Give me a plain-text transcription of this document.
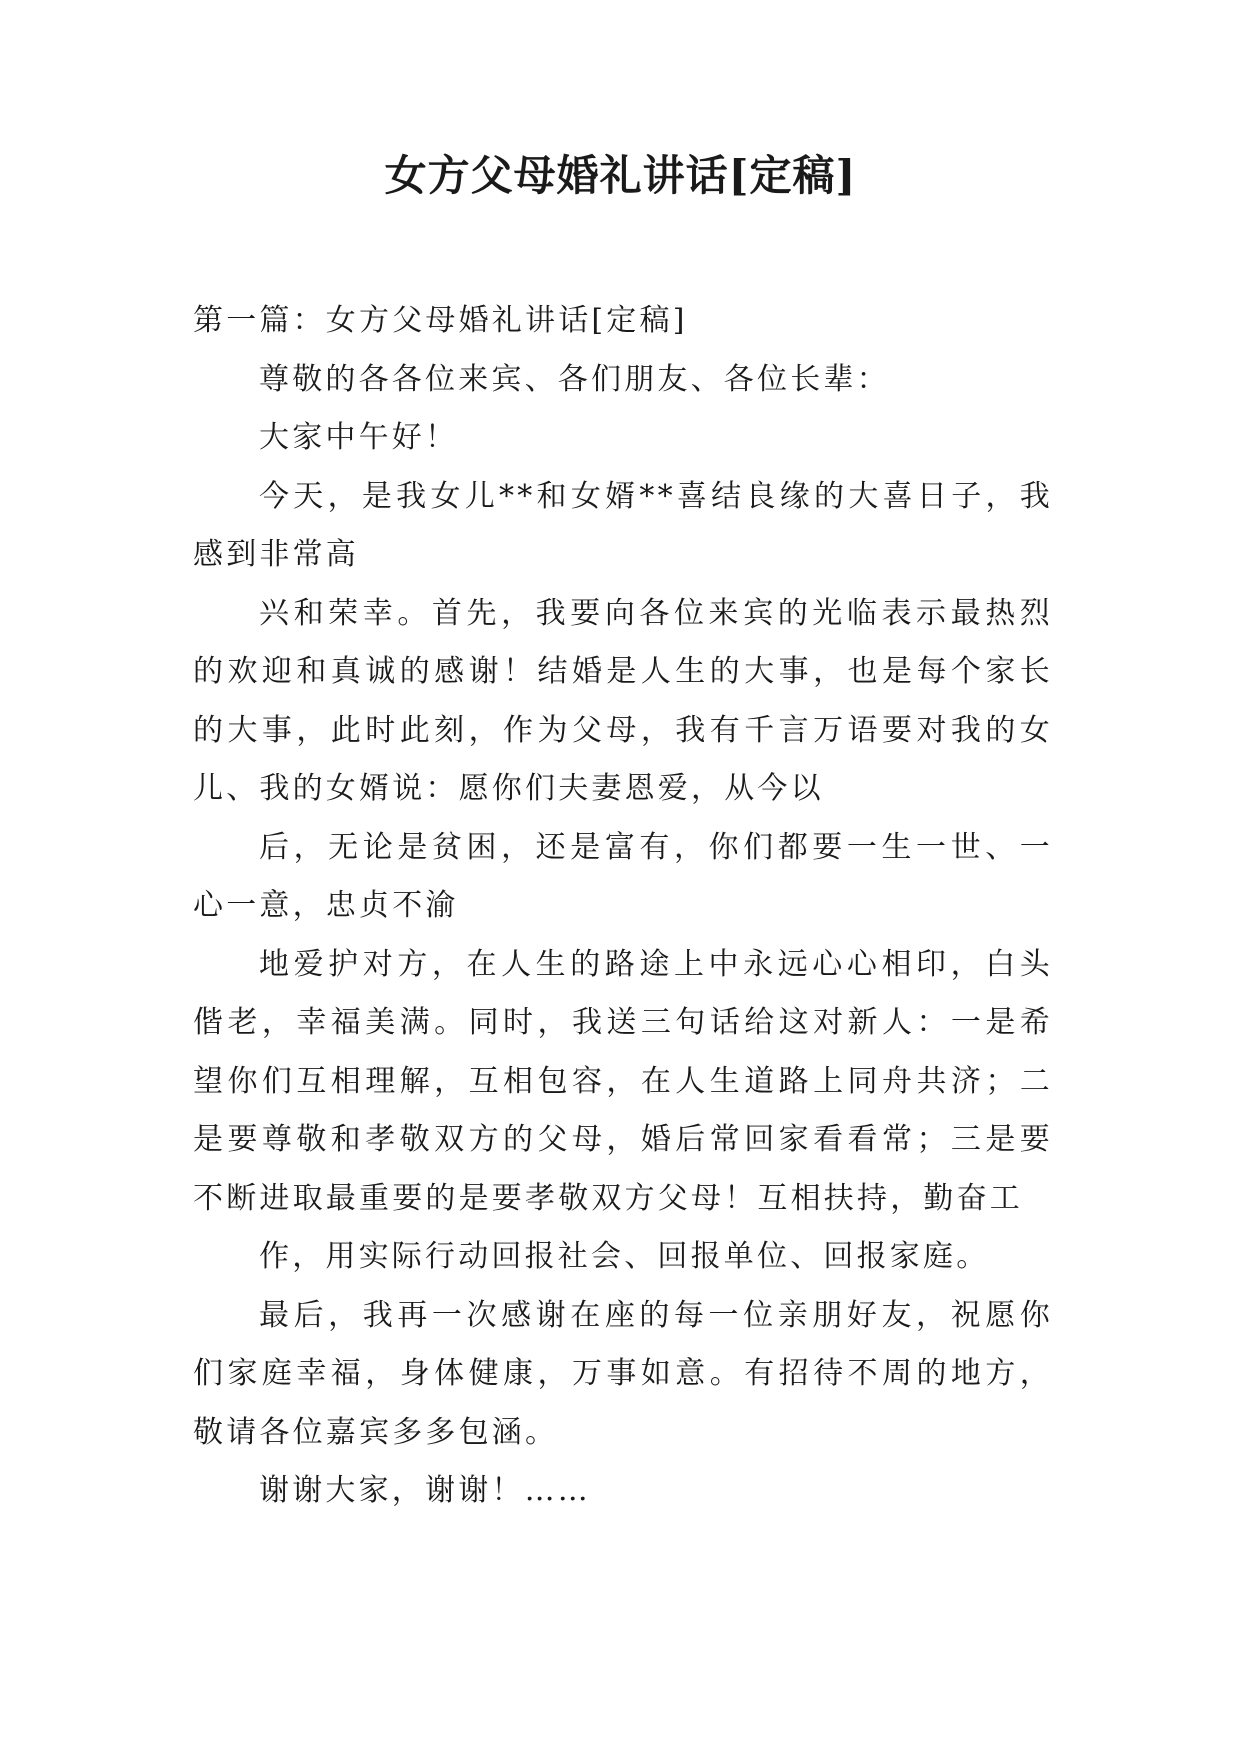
女方父母婚礼讲话[定稿]

第一篇：女方父母婚礼讲话[定稿]

尊敬的各各位来宾、各们朋友、各位长辈：

大家中午好！

今天，是我女儿**和女婿**喜结良缘的大喜日子，我感到非常高

兴和荣幸。首先，我要向各位来宾的光临表示最热烈的欢迎和真诚的感谢！结婚是人生的大事，也是每个家长的大事，此时此刻，作为父母，我有千言万语要对我的女儿、我的女婿说：愿你们夫妻恩爱，从今以

后，无论是贫困，还是富有，你们都要一生一世、一心一意，忠贞不渝

地爱护对方，在人生的路途上中永远心心相印，白头偕老，幸福美满。同时，我送三句话给这对新人：一是希望你们互相理解，互相包容，在人生道路上同舟共济；二是要尊敬和孝敬双方的父母，婚后常回家看看常；三是要不断进取最重要的是要孝敬双方父母！互相扶持，勤奋工

作，用实际行动回报社会、回报单位、回报家庭。

最后，我再一次感谢在座的每一位亲朋好友，祝愿你们家庭幸福，身体健康，万事如意。有招待不周的地方，敬请各位嘉宾多多包涵。

谢谢大家，谢谢！……
